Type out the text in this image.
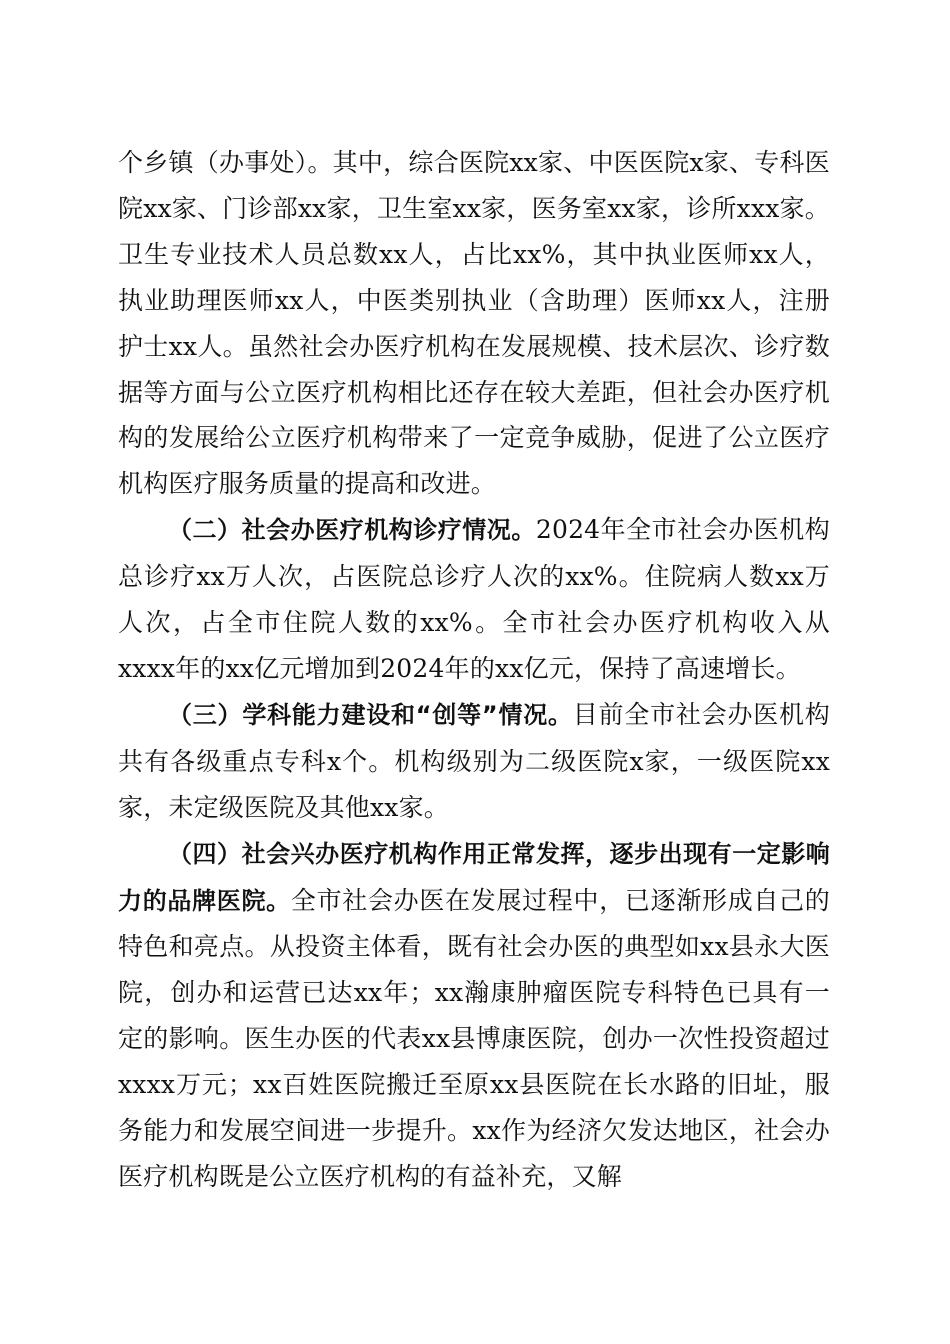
个乡镇（办事处）。其中，综合医院xx家、中医医院x家、专科医院xx家、门诊部xx家，卫生室xx家，医务室xx家，诊所xxx家。卫生专业技术人员总数xx人，占比xx%，其中执业医师xx人，执业助理医师xx人，中医类别执业（含助理）医师xx人，注册护士xx人。虽然社会办医疗机构在发展规模、技术层次、诊疗数据等方面与公立医疗机构相比还存在较大差距，但社会办医疗机构的发展给公立医疗机构带来了一定竞争威胁，促进了公立医疗机构医疗服务质量的提高和改进。

（二）社会办医疗机构诊疗情况。2024年全市社会办医机构总诊疗xx万人次，占医院总诊疗人次的xx%。住院病人数xx万人次，占全市住院人数的xx%。全市社会办医疗机构收入从xxxx年的xx亿元增加到2024年的xx亿元，保持了高速增长。

（三）学科能力建设和“创等”情况。目前全市社会办医机构共有各级重点专科x个。机构级别为二级医院x家，一级医院xx家，未定级医院及其他xx家。

（四）社会兴办医疗机构作用正常发挥，逐步出现有一定影响力的品牌医院。全市社会办医在发展过程中，已逐渐形成自己的特色和亮点。从投资主体看，既有社会办医的典型如xx县永大医院，创办和运营已达xx年；xx瀚康肿瘤医院专科特色已具有一定的影响。医生办医的代表xx县博康医院，创办一次性投资超过xxxx万元；xx百姓医院搬迁至原xx县医院在长水路的旧址，服务能力和发展空间进一步提升。xx作为经济欠发达地区，社会办医疗机构既是公立医疗机构的有益补充，又解
